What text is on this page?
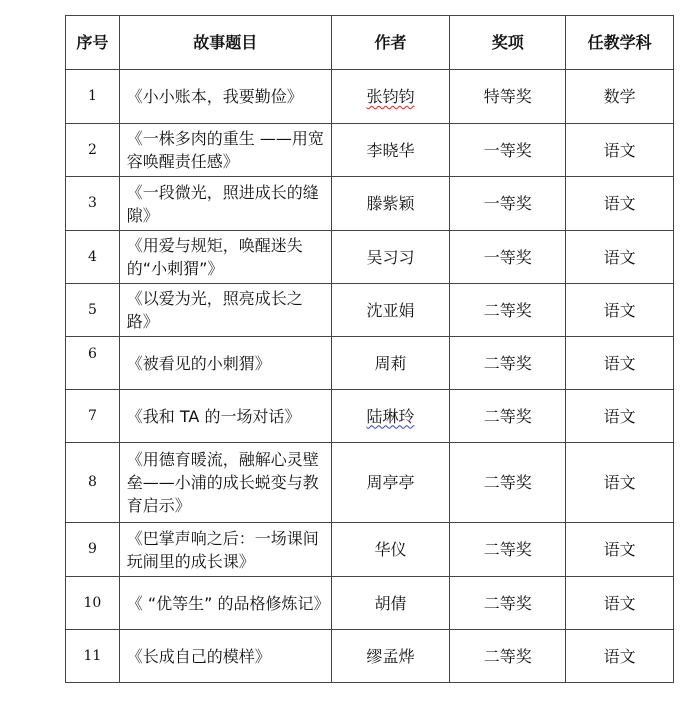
序号	故事题目	作者	奖项	任教学科
1	《小小账本，我要勤俭》	张钧钧	特等奖	数学
2	《一株多肉的重生 ——用宽容唤醒责任感》	李晓华	一等奖	语文
3	《一段微光，照进成长的缝隙》	滕紫颖	一等奖	语文
4	《用爱与规矩，唤醒迷失的“小刺猬”》	吴习习	一等奖	语文
5	《以爱为光，照亮成长之路》	沈亚娟	二等奖	语文
6	《被看见的小刺猬》	周莉	二等奖	语文
7	《我和 TA 的一场对话》	陆琳玲	二等奖	语文
8	《用德育暖流，融解心灵壁垒——小浦的成长蜕变与教育启示》	周亭亭	二等奖	语文
9	《巴掌声响之后：一场课间玩闹里的成长课》	华仪	二等奖	语文
10	《 “优等生” 的品格修炼记》	胡倩	二等奖	语文
11	《长成自己的模样》	缪孟烨	二等奖	语文
